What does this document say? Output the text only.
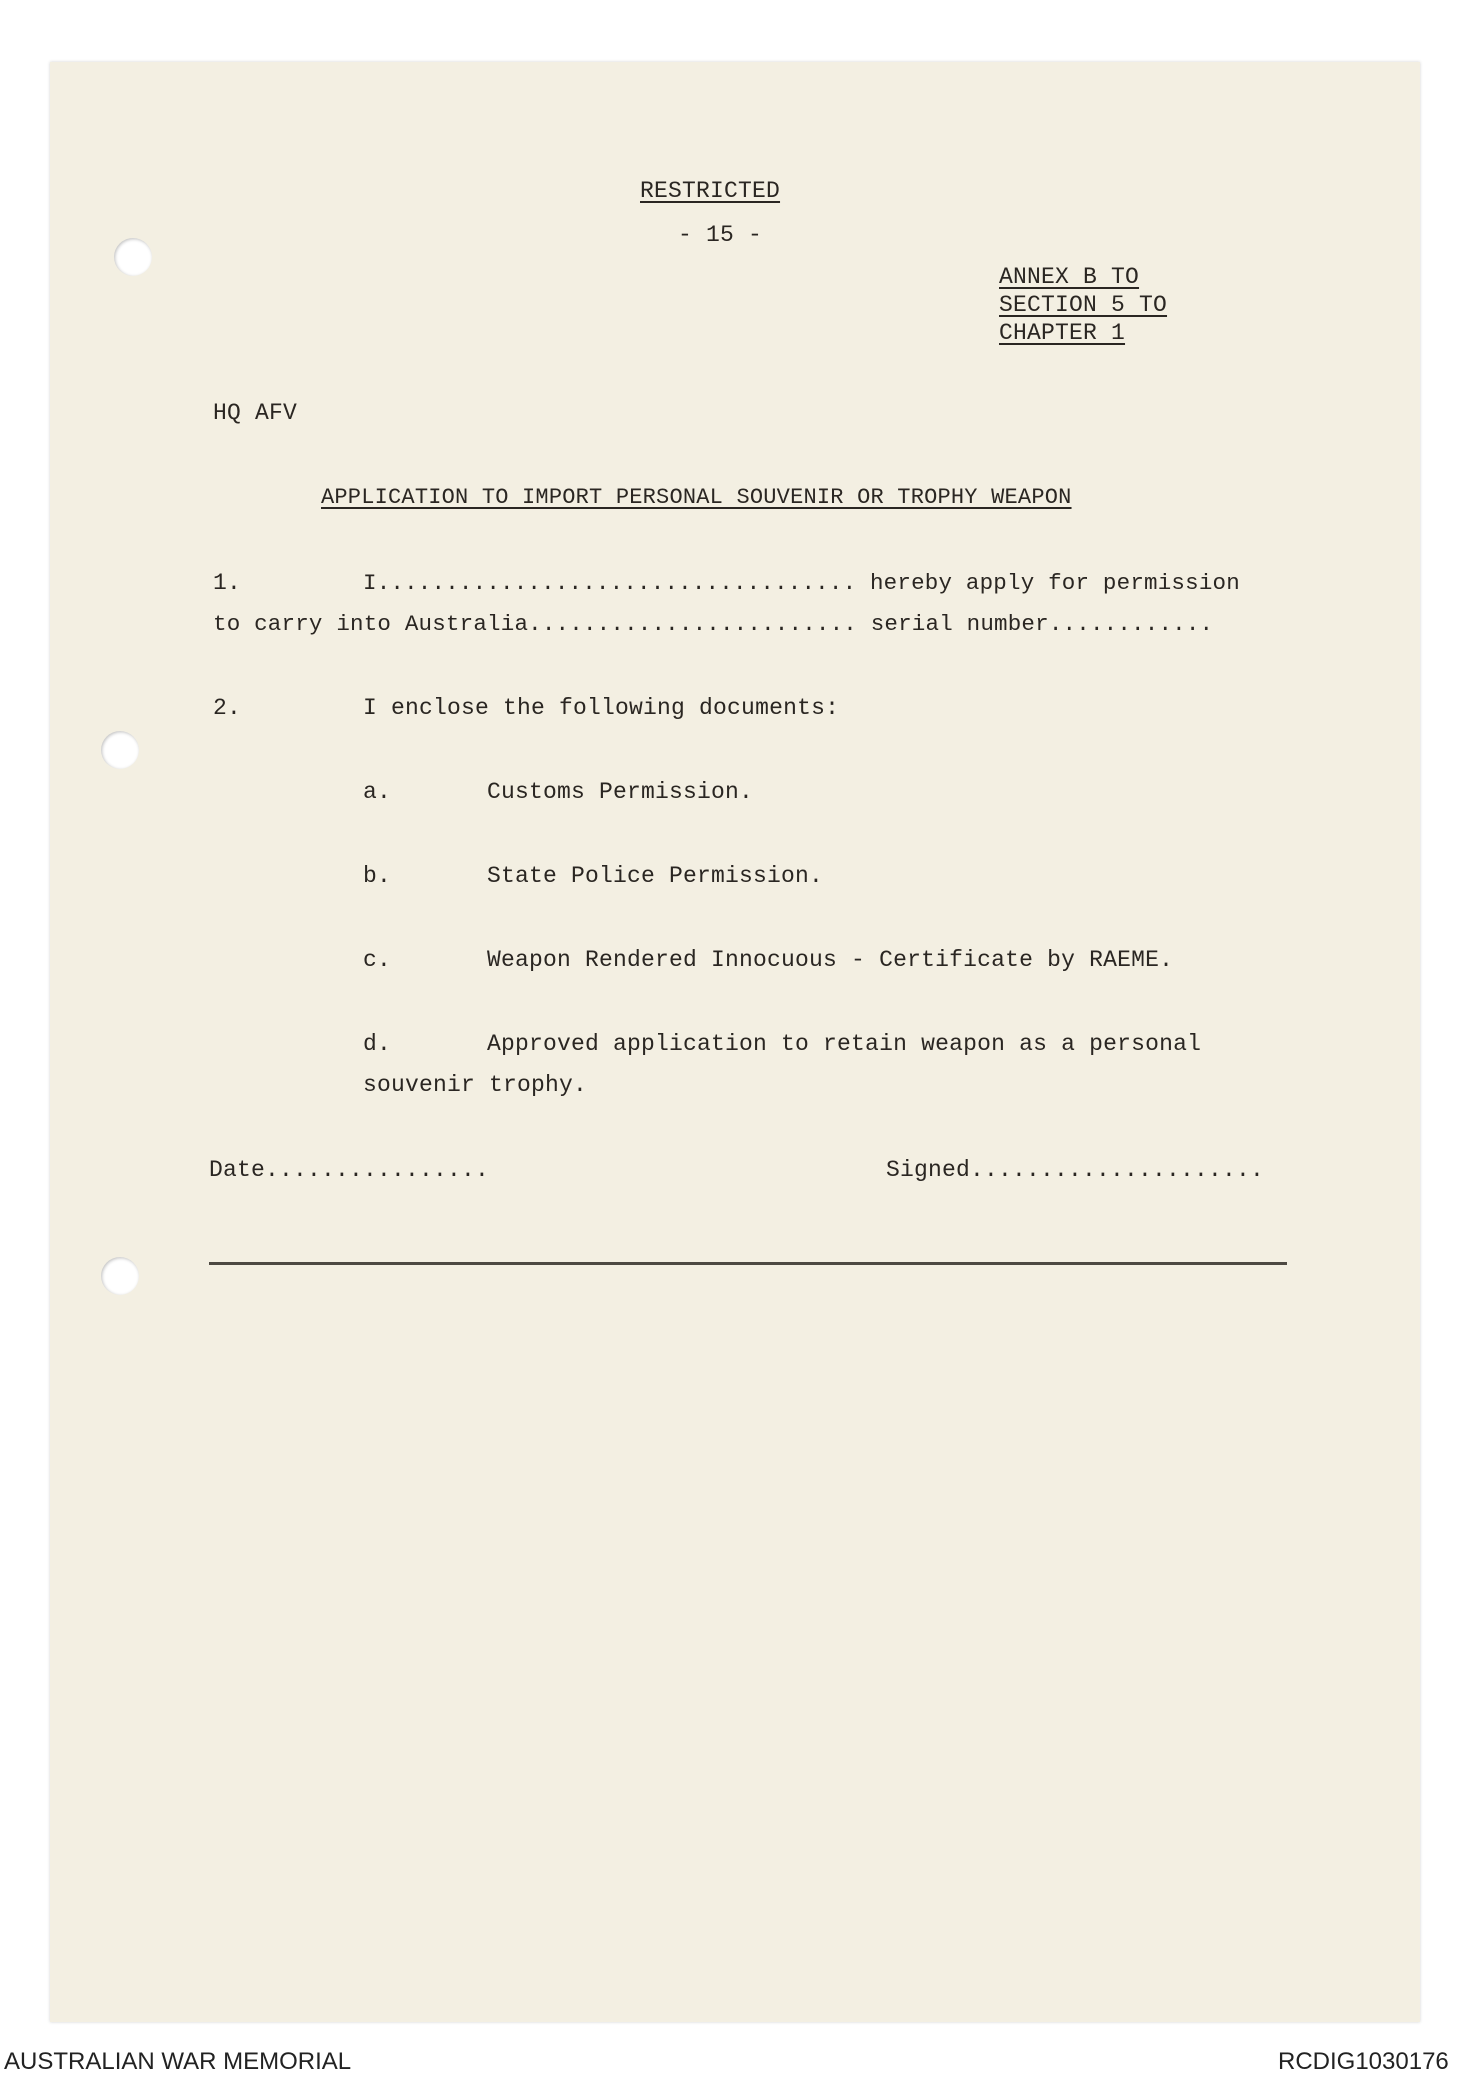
RESTRICTED
- 15 -
ANNEX B TO
SECTION 5 TO
CHAPTER 1
HQ AFV
APPLICATION TO IMPORT PERSONAL SOUVENIR OR TROPHY WEAPON
1.	I................................... hereby apply for permission
to carry into Australia........................ serial number............
2.	I enclose the following documents:
a.	Customs Permission.
b.	State Police Permission.
c.	Weapon Rendered Innocuous - Certificate by RAEME.
d.	Approved application to retain weapon as a personal
souvenir trophy.
Date................	Signed.....................
AUSTRALIAN WAR MEMORIAL	RCDIG1030176
